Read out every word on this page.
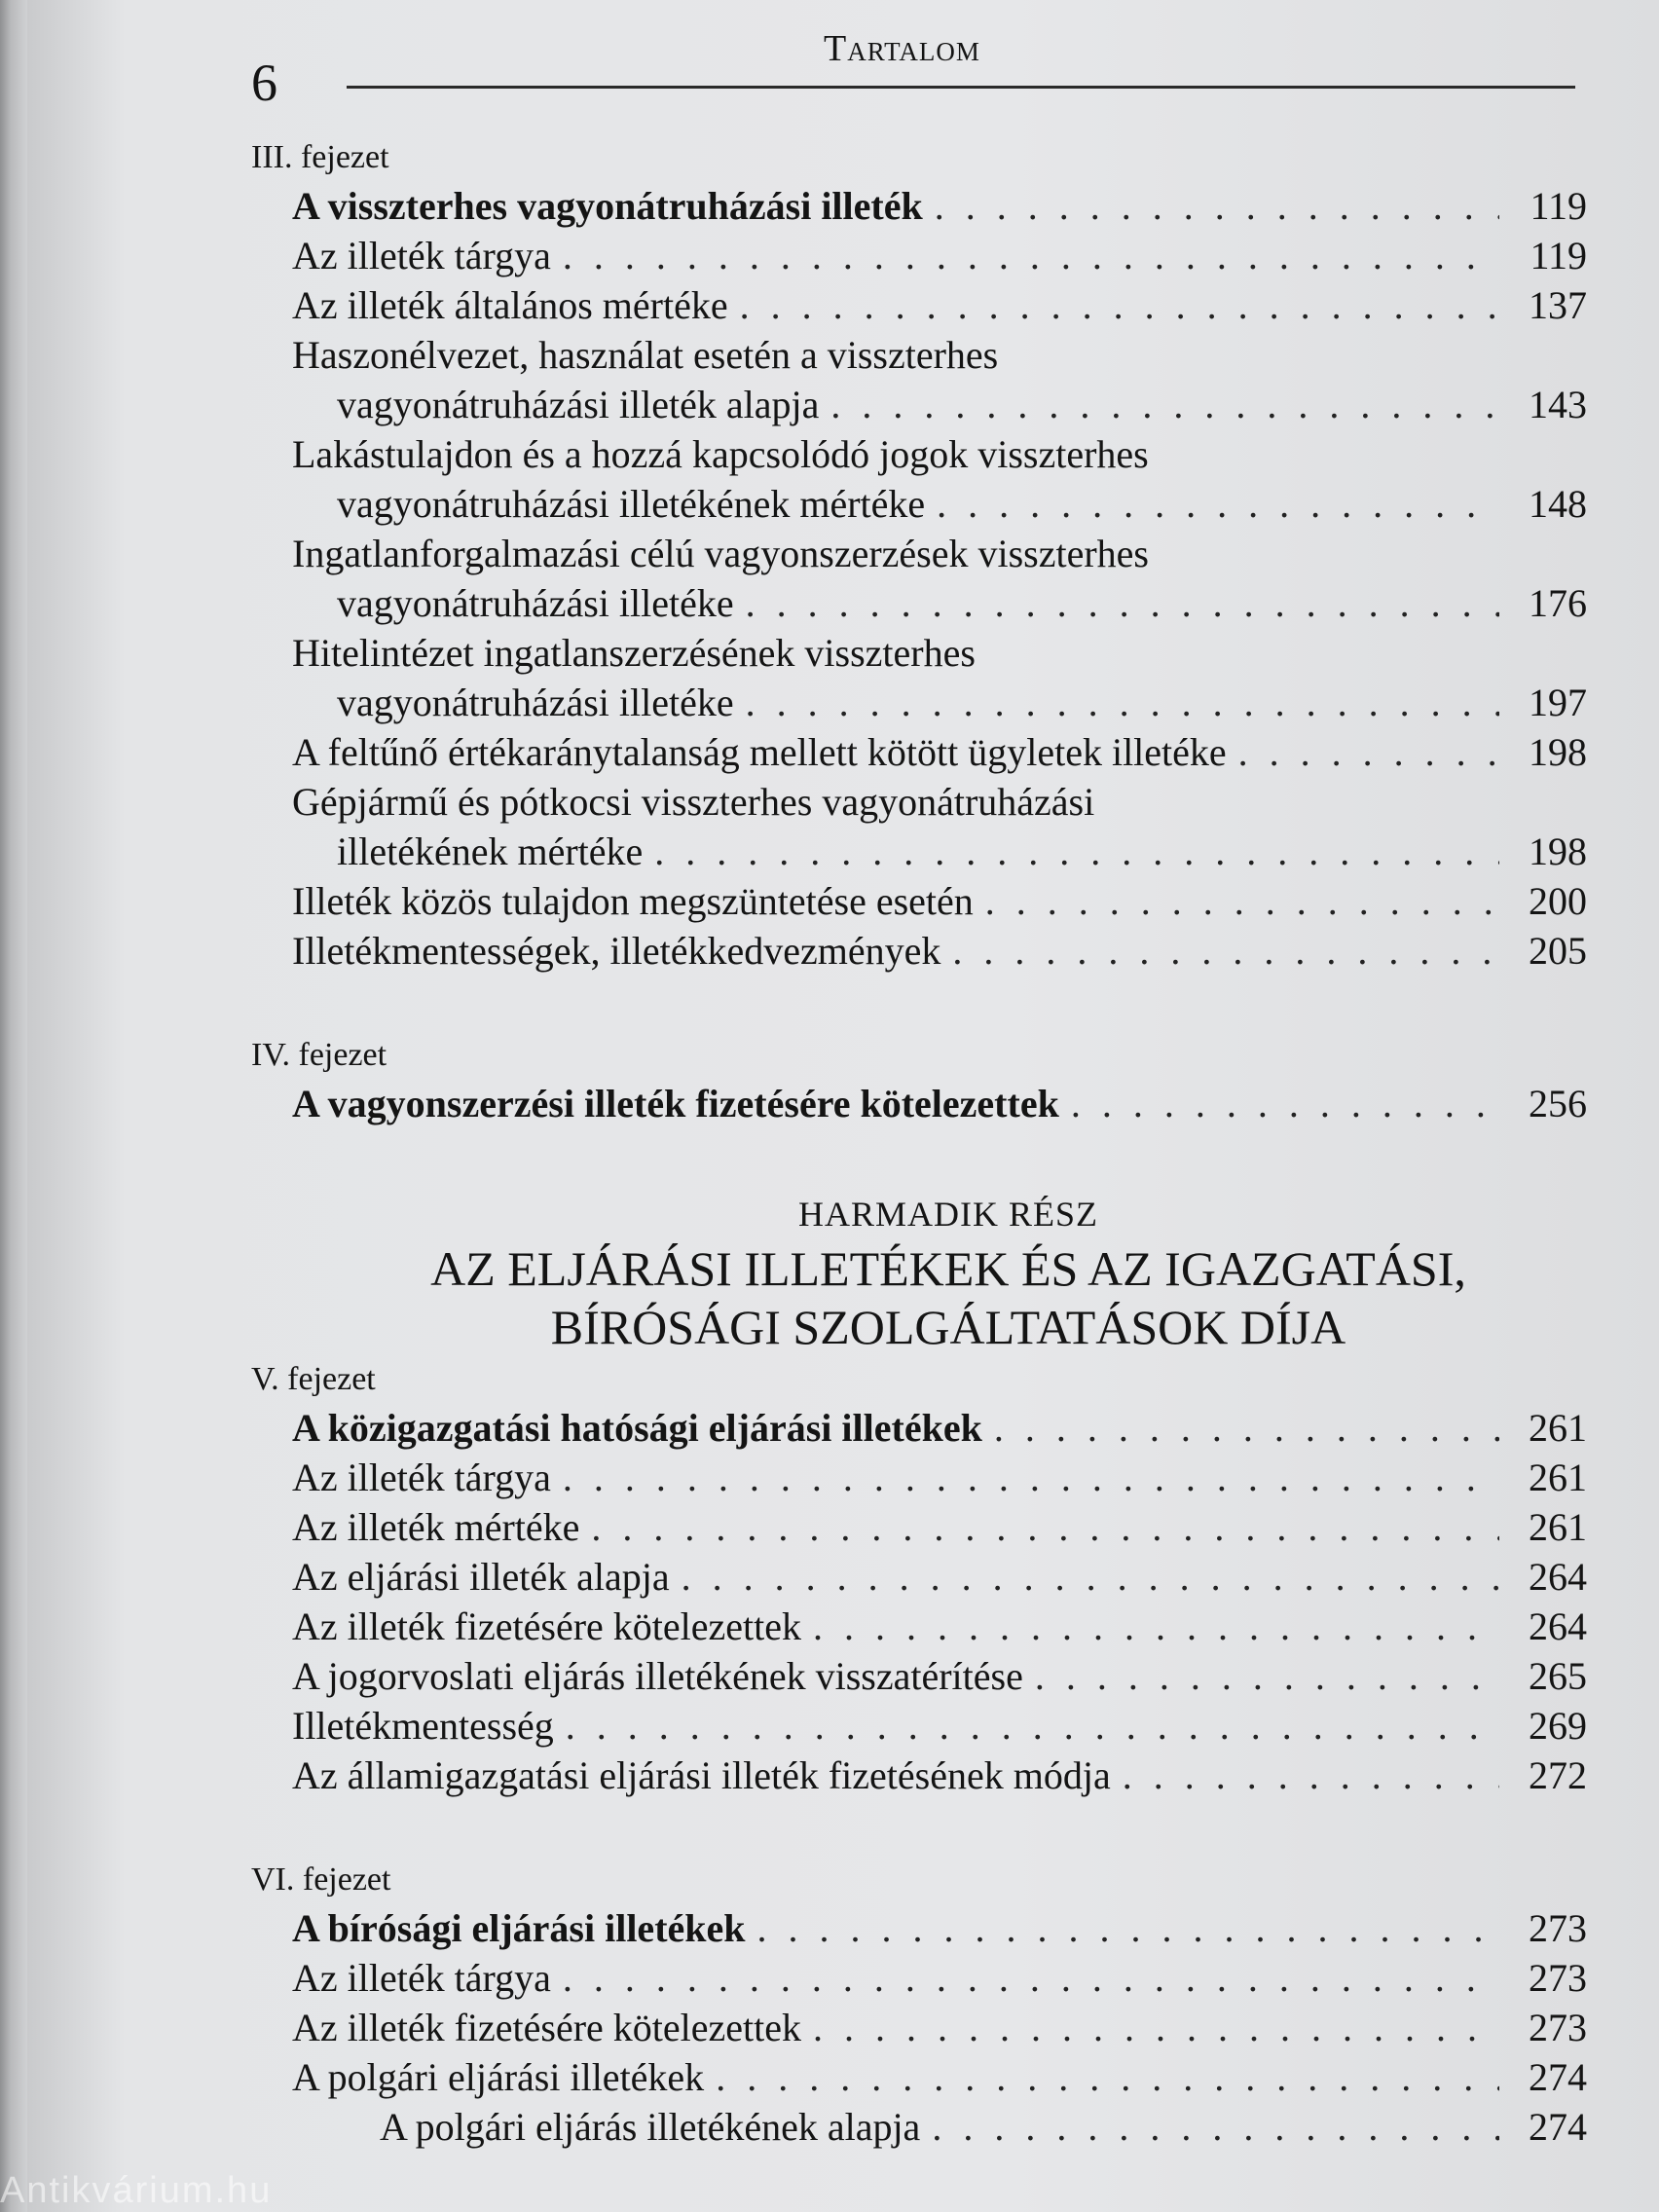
6
Tartalom
III. fejezet
A visszterhes vagyonátruházási illeték . . .	119
Az illeték tárgya . . .	119
Az illeték általános mértéke . . .	137
Haszonélvezet, használat esetén a visszterhes
vagyonátruházási illeték alapja . . .	143
Lakástulajdon és a hozzá kapcsolódó jogok visszterhes
vagyonátruházási illetékének mértéke . . .	148
Ingatlanforgalmazási célú vagyonszerzések visszterhes
vagyonátruházási illetéke . . .	176
Hitelintézet ingatlanszerzésének visszterhes
vagyonátruházási illetéke . . .	197
A feltűnő értékaránytalanság mellett kötött ügyletek illetéke . . .	198
Gépjármű és pótkocsi visszterhes vagyonátruházási
illetékének mértéke . . .	198
Illeték közös tulajdon megszüntetése esetén . . .	200
Illetékmentességek, illetékkedvezmények . . .	205
IV. fejezet
A vagyonszerzési illeték fizetésére kötelezettek . . .	256
HARMADIK RÉSZ
AZ ELJÁRÁSI ILLETÉKEK ÉS AZ IGAZGATÁSI,
BÍRÓSÁGI SZOLGÁLTATÁSOK DÍJA
V. fejezet
A közigazgatási hatósági eljárási illetékek . . .	261
Az illeték tárgya . . .	261
Az illeték mértéke . . .	261
Az eljárási illeték alapja . . .	264
Az illeték fizetésére kötelezettek . . .	264
A jogorvoslati eljárás illetékének visszatérítése . . .	265
Illetékmentesség . . .	269
Az államigazgatási eljárási illeték fizetésének módja . . .	272
VI. fejezet
A bírósági eljárási illetékek . . .	273
Az illeték tárgya . . .	273
Az illeték fizetésére kötelezettek . . .	273
A polgári eljárási illetékek . . .	274
A polgári eljárás illetékének alapja . . .	274
Antikvárium.hu
